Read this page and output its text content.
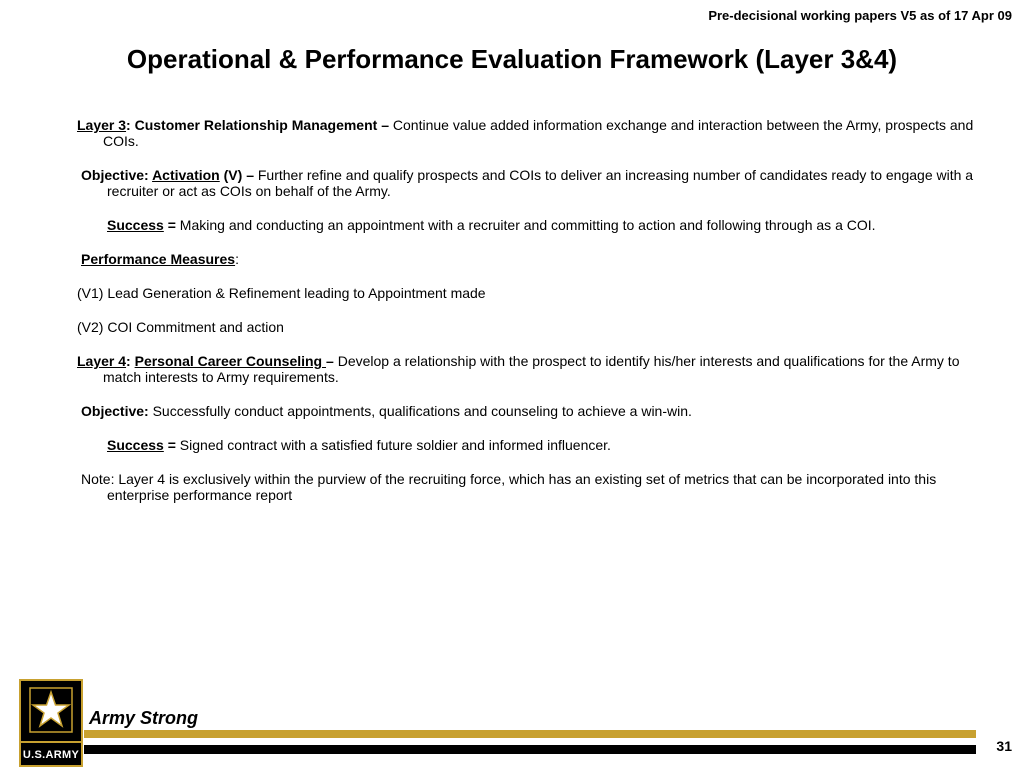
Pre-decisional working papers V5 as of 17 Apr 09
Operational & Performance Evaluation Framework (Layer 3&4)

Layer 3: Customer Relationship Management – Continue value added information exchange and interaction between the Army, prospects and COIs.

Objective: Activation (V) – Further refine and qualify prospects and COIs to deliver an increasing number of candidates ready to engage with a recruiter or act as COIs on behalf of the Army.

Success = Making and conducting an appointment with a recruiter and committing to action and following through as a COI.

Performance Measures:

(V1) Lead Generation & Refinement leading to Appointment made

(V2) COI Commitment and action

Layer 4: Personal Career Counseling – Develop a relationship with the prospect to identify his/her interests and qualifications for the Army to match interests to Army requirements.

Objective: Successfully conduct appointments, qualifications and counseling to achieve a win-win.

Success = Signed contract with a satisfied future soldier and informed influencer.

Note: Layer 4 is exclusively within the purview of the recruiting force, which has an existing set of metrics that can be incorporated into this enterprise performance report

U.S.ARMY
Army Strong
31
